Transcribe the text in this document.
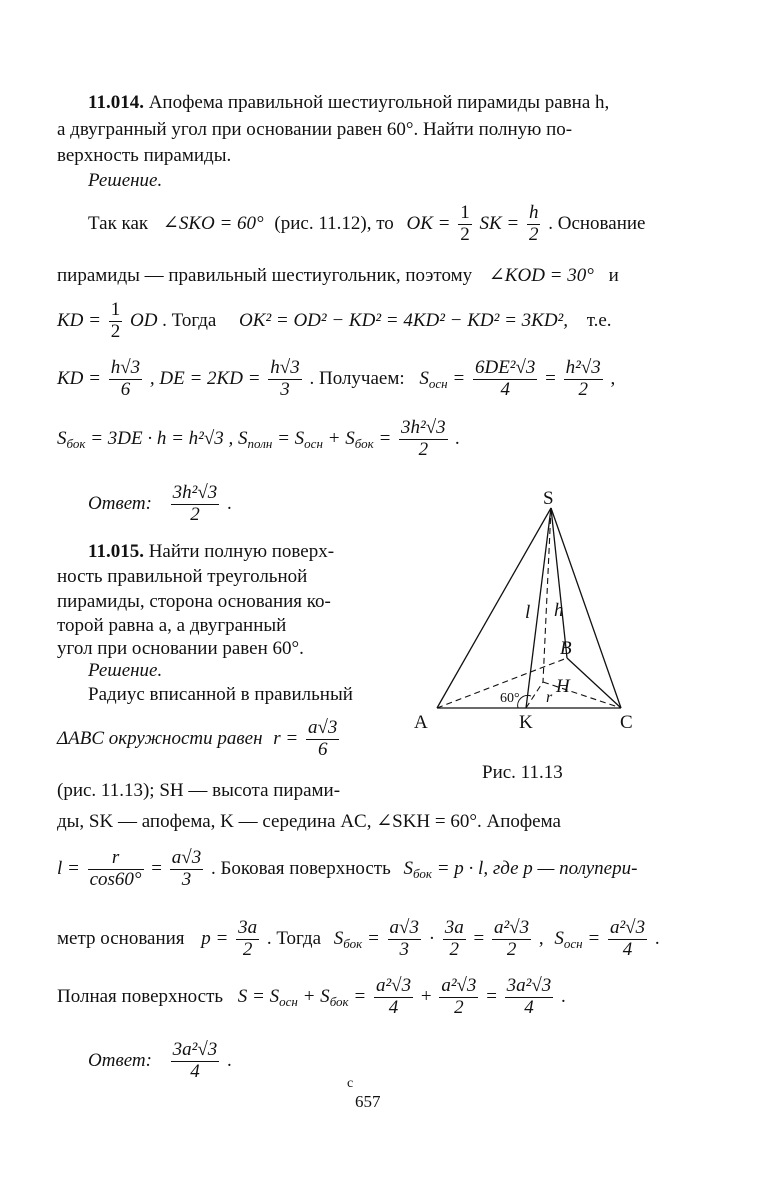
11.014. Апофема правильной шестиугольной пирамиды равна h,
а двугранный угол при основании равен 60°. Найти полную по-
верхность пирамиды.
Решение.
Так как ∠SKO = 60° (рис. 11.12), то OK = $\frac{1}{2}$ SK = $\frac{h}{2}$ . Основание
пирамиды — правильный шестиугольник, поэтому ∠KOD = 30° и
KD = $\frac{1}{2}$ OD . Тогда OK² = OD² − KD² = 4KD² − KD² = 3KD², т.е.
KD = $\frac{h√3}{6}$ , DE = $2KD = \frac{h√3}{3}$ . Получаем: $S_{осн} = \frac{\text{6DE²√3}}{4} = \frac{\text{h²√3}}{2}$ ,
$S_{бок} = 3DE \cdot h = h^2√3$ , $S_{полн} = S_{осн} + S_{бок} = \frac{\text{3h²√3}}{2}$ .
Ответ: $\frac{\text{3h²√3}}{2}$ .
11.015. Найти полную поверх-
ность правильной треугольной
пирамиды, сторона основания ко-
торой равна a, а двугранный
угол при основании равен 60°.
Решение.
Радиус вписанной в правильный
ΔABC окружности равен $r = \frac{a√3}{6}$
(рис. 11.13); SH — высота пирами-
ды, SK — апофема, K — середина AC, ∠SKH = 60°. Апофема
$l = \frac{r}{\cos 60^\circ} = \frac{a√3}{3}$ . Боковая поверхность $S_{бок} = p \cdot l$, где p — полупери-
метр основания $p = \frac{3a}{2}$ . Тогда $S_{бок} = \frac{a√3}{3} \cdot \frac{3a}{2} = \frac{\text{a²√3}}{2}$ , $S_{осн} = \frac{\text{a²√3}}{4}$ .
Полная поверхность $S = S_{осн} + S_{бок} = \frac{\text{a²√3}}{4} + \frac{\text{a²√3}}{2} = \frac{\text{3a²√3}}{4}$ .
Ответ: $\frac{\text{3a²√3}}{4}$ .
S
A	K	C
B
H
l h
r
60°
Рис. 11.13
c
657
